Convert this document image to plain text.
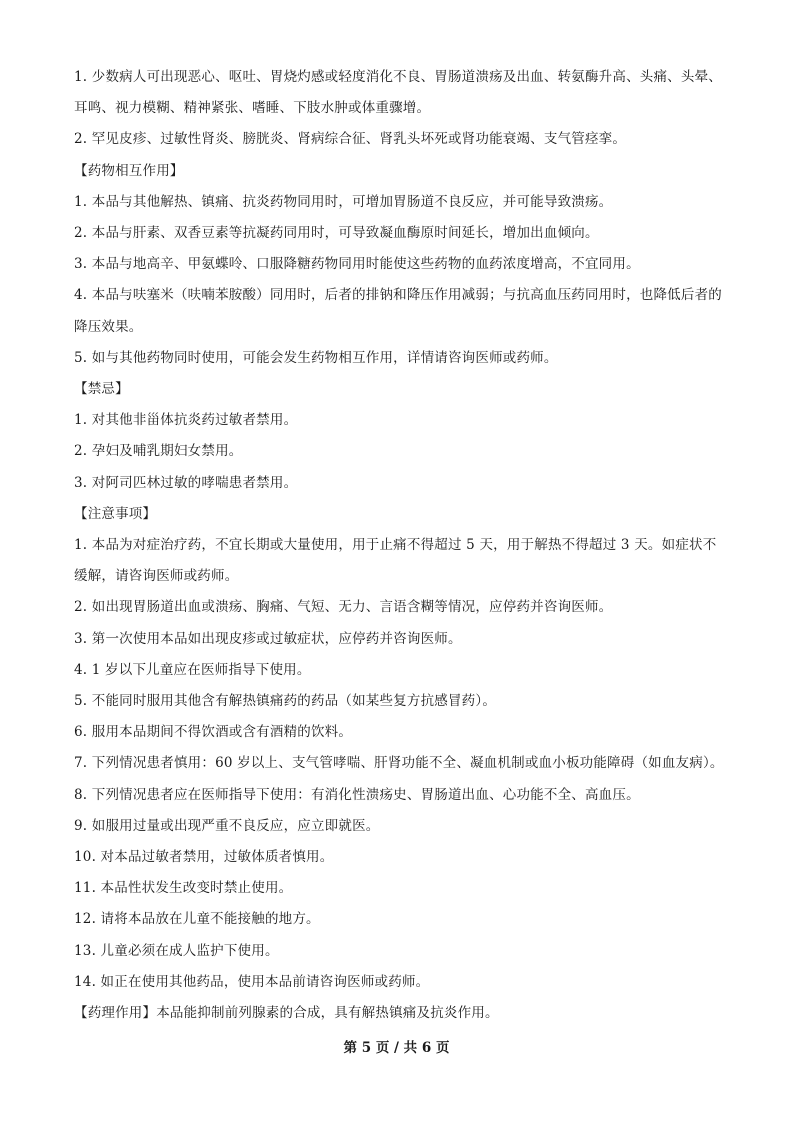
1. 少数病人可出现恶心、呕吐、胃烧灼感或轻度消化不良、胃肠道溃疡及出血、转氨酶升高、头痛、头晕、耳鸣、视力模糊、精神紧张、嗜睡、下肢水肿或体重骤增。

2. 罕见皮疹、过敏性肾炎、膀胱炎、肾病综合征、肾乳头坏死或肾功能衰竭、支气管痉挛。

【药物相互作用】

1. 本品与其他解热、镇痛、抗炎药物同用时，可增加胃肠道不良反应，并可能导致溃疡。

2. 本品与肝素、双香豆素等抗凝药同用时，可导致凝血酶原时间延长，增加出血倾向。

3. 本品与地高辛、甲氨蝶呤、口服降糖药物同用时能使这些药物的血药浓度增高，不宜同用。

4. 本品与呋塞米（呋喃苯胺酸）同用时，后者的排钠和降压作用减弱；与抗高血压药同用时，也降低后者的降压效果。

5. 如与其他药物同时使用，可能会发生药物相互作用，详情请咨询医师或药师。

【禁忌】

1. 对其他非甾体抗炎药过敏者禁用。

2. 孕妇及哺乳期妇女禁用。

3. 对阿司匹林过敏的哮喘患者禁用。

【注意事项】

1. 本品为对症治疗药，不宜长期或大量使用，用于止痛不得超过 5 天，用于解热不得超过 3 天。如症状不缓解，请咨询医师或药师。

2. 如出现胃肠道出血或溃疡、胸痛、气短、无力、言语含糊等情况，应停药并咨询医师。

3. 第一次使用本品如出现皮疹或过敏症状，应停药并咨询医师。

4. 1 岁以下儿童应在医师指导下使用。

5. 不能同时服用其他含有解热镇痛药的药品（如某些复方抗感冒药）。

6. 服用本品期间不得饮酒或含有酒精的饮料。

7. 下列情况患者慎用：60 岁以上、支气管哮喘、肝肾功能不全、凝血机制或血小板功能障碍（如血友病）。

8. 下列情况患者应在医师指导下使用：有消化性溃疡史、胃肠道出血、心功能不全、高血压。

9. 如服用过量或出现严重不良反应，应立即就医。

10. 对本品过敏者禁用，过敏体质者慎用。

11. 本品性状发生改变时禁止使用。

12. 请将本品放在儿童不能接触的地方。

13. 儿童必须在成人监护下使用。

14. 如正在使用其他药品，使用本品前请咨询医师或药师。

【药理作用】本品能抑制前列腺素的合成，具有解热镇痛及抗炎作用。

第 5 页 / 共 6 页
